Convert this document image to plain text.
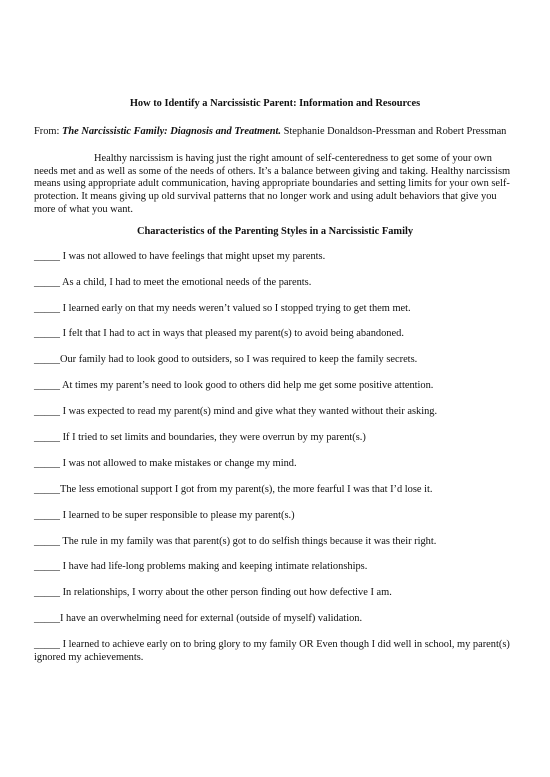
How to Identify a Narcissistic Parent: Information and Resources
From: The Narcissistic Family: Diagnosis and Treatment. Stephanie Donaldson-Pressman and Robert Pressman
Healthy narcissism is having just the right amount of self-centeredness to get some of your own needs met and as well as some of the needs of others. It’s a balance between giving and taking. Healthy narcissism means using appropriate adult communication, having appropriate boundaries and setting limits for your own self-protection. It means giving up old survival patterns that no longer work and using adult behaviors that give you more of what you want.
Characteristics of the Parenting Styles in a Narcissistic Family
_____ I was not allowed to have feelings that might upset my parents.
_____ As a child, I had to meet the emotional needs of the parents.
_____ I learned early on that my needs weren’t valued so I stopped trying to get them met.
_____ I felt that I had to act in ways that pleased my parent(s) to avoid being abandoned.
_____Our family had to look good to outsiders, so I was required to keep the family secrets.
_____ At times my parent’s need to look good to others did help me get some positive attention.
_____ I was expected to read my parent(s) mind and give what they wanted without their asking.
_____ If I tried to set limits and boundaries, they were overrun by my parent(s.)
_____ I was not allowed to make mistakes or change my mind.
_____The less emotional support I got from my parent(s), the more fearful I was that I’d lose it.
_____ I learned to be super responsible to please my parent(s.)
_____ The rule in my family was that parent(s) got to do selfish things because it was their right.
_____ I have had life-long problems making and keeping intimate relationships.
_____ In relationships, I worry about the other person finding out how defective I am.
_____I have an overwhelming need for external (outside of myself) validation.
_____ I learned to achieve early on to bring glory to my family OR Even though I did well in school, my parent(s) ignored my achievements.
